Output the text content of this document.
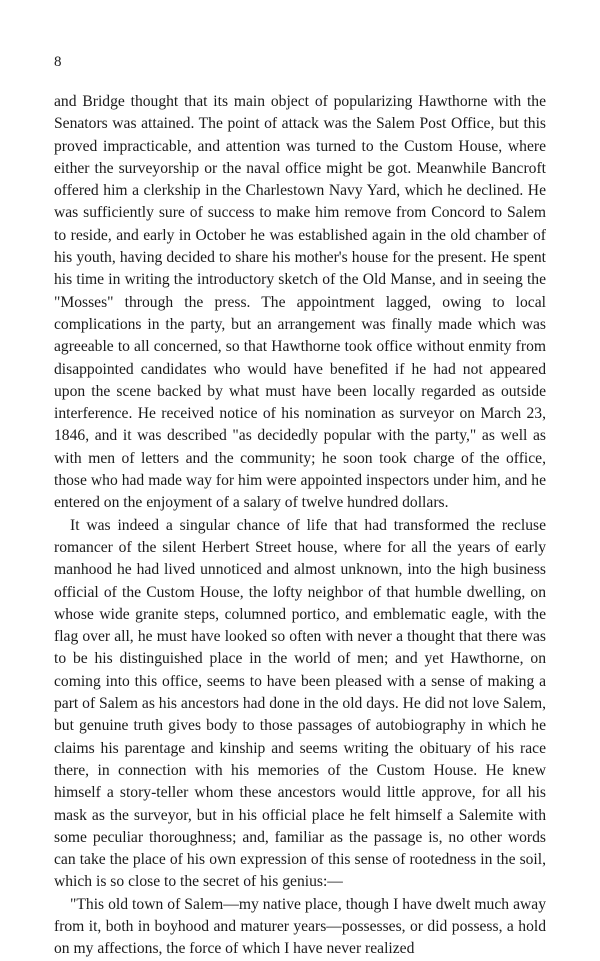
8

and Bridge thought that its main object of popularizing Hawthorne with the Senators was attained. The point of attack was the Salem Post Office, but this proved impracticable, and attention was turned to the Custom House, where either the surveyorship or the naval office might be got. Meanwhile Bancroft offered him a clerkship in the Charlestown Navy Yard, which he declined. He was sufficiently sure of success to make him remove from Concord to Salem to reside, and early in October he was established again in the old chamber of his youth, having decided to share his mother's house for the present. He spent his time in writing the introductory sketch of the Old Manse, and in seeing the "Mosses" through the press. The appointment lagged, owing to local complications in the party, but an arrangement was finally made which was agreeable to all concerned, so that Hawthorne took office without enmity from disappointed candidates who would have benefited if he had not appeared upon the scene backed by what must have been locally regarded as outside interference. He received notice of his nomination as surveyor on March 23, 1846, and it was described "as decidedly popular with the party," as well as with men of letters and the community; he soon took charge of the office, those who had made way for him were appointed inspectors under him, and he entered on the enjoyment of a salary of twelve hundred dollars.

It was indeed a singular chance of life that had transformed the recluse romancer of the silent Herbert Street house, where for all the years of early manhood he had lived unnoticed and almost unknown, into the high business official of the Custom House, the lofty neighbor of that humble dwelling, on whose wide granite steps, columned portico, and emblematic eagle, with the flag over all, he must have looked so often with never a thought that there was to be his distinguished place in the world of men; and yet Hawthorne, on coming into this office, seems to have been pleased with a sense of making a part of Salem as his ancestors had done in the old days. He did not love Salem, but genuine truth gives body to those passages of autobiography in which he claims his parentage and kinship and seems writing the obituary of his race there, in connection with his memories of the Custom House. He knew himself a story-teller whom these ancestors would little approve, for all his mask as the surveyor, but in his official place he felt himself a Salemite with some peculiar thoroughness; and, familiar as the passage is, no other words can take the place of his own expression of this sense of rootedness in the soil, which is so close to the secret of his genius:—

"This old town of Salem—my native place, though I have dwelt much away from it, both in boyhood and maturer years—possesses, or did possess, a hold on my affections, the force of which I have never realized
